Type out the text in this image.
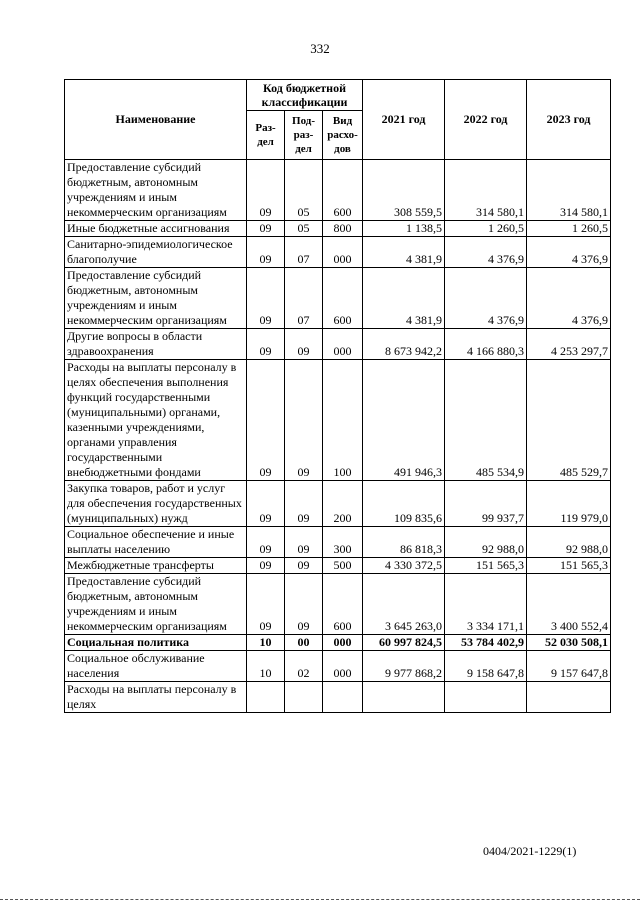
332
Наименование	Код бюджетной классификации			2021 год	2022 год	2023 год
	Раз-дел	Под-раз-дел	Вид расхо-дов			
Предоставление субсидий бюджетным, автономным учреждениям и иным некоммерческим организациям	09	05	600	308 559,5	314 580,1	314 580,1
Иные бюджетные ассигнования	09	05	800	1 138,5	1 260,5	1 260,5
Санитарно-эпидемиологическое благополучие	09	07	000	4 381,9	4 376,9	4 376,9
Предоставление субсидий бюджетным, автономным учреждениям и иным некоммерческим организациям	09	07	600	4 381,9	4 376,9	4 376,9
Другие вопросы в области здравоохранения	09	09	000	8 673 942,2	4 166 880,3	4 253 297,7
Расходы на выплаты персоналу в целях обеспечения выполнения функций государственными (муниципальными) органами, казенными учреждениями, органами управления государственными внебюджетными фондами	09	09	100	491 946,3	485 534,9	485 529,7
Закупка товаров, работ и услуг для обеспечения государственных (муниципальных) нужд	09	09	200	109 835,6	99 937,7	119 979,0
Социальное обеспечение и иные выплаты населению	09	09	300	86 818,3	92 988,0	92 988,0
Межбюджетные трансферты	09	09	500	4 330 372,5	151 565,3	151 565,3
Предоставление субсидий бюджетным, автономным учреждениям и иным некоммерческим организациям	09	09	600	3 645 263,0	3 334 171,1	3 400 552,4
Социальная политика	10	00	000	60 997 824,5	53 784 402,9	52 030 508,1
Социальное обслуживание населения	10	02	000	9 977 868,2	9 158 647,8	9 157 647,8
Расходы на выплаты персоналу в целях						
0404/2021-1229(1)
